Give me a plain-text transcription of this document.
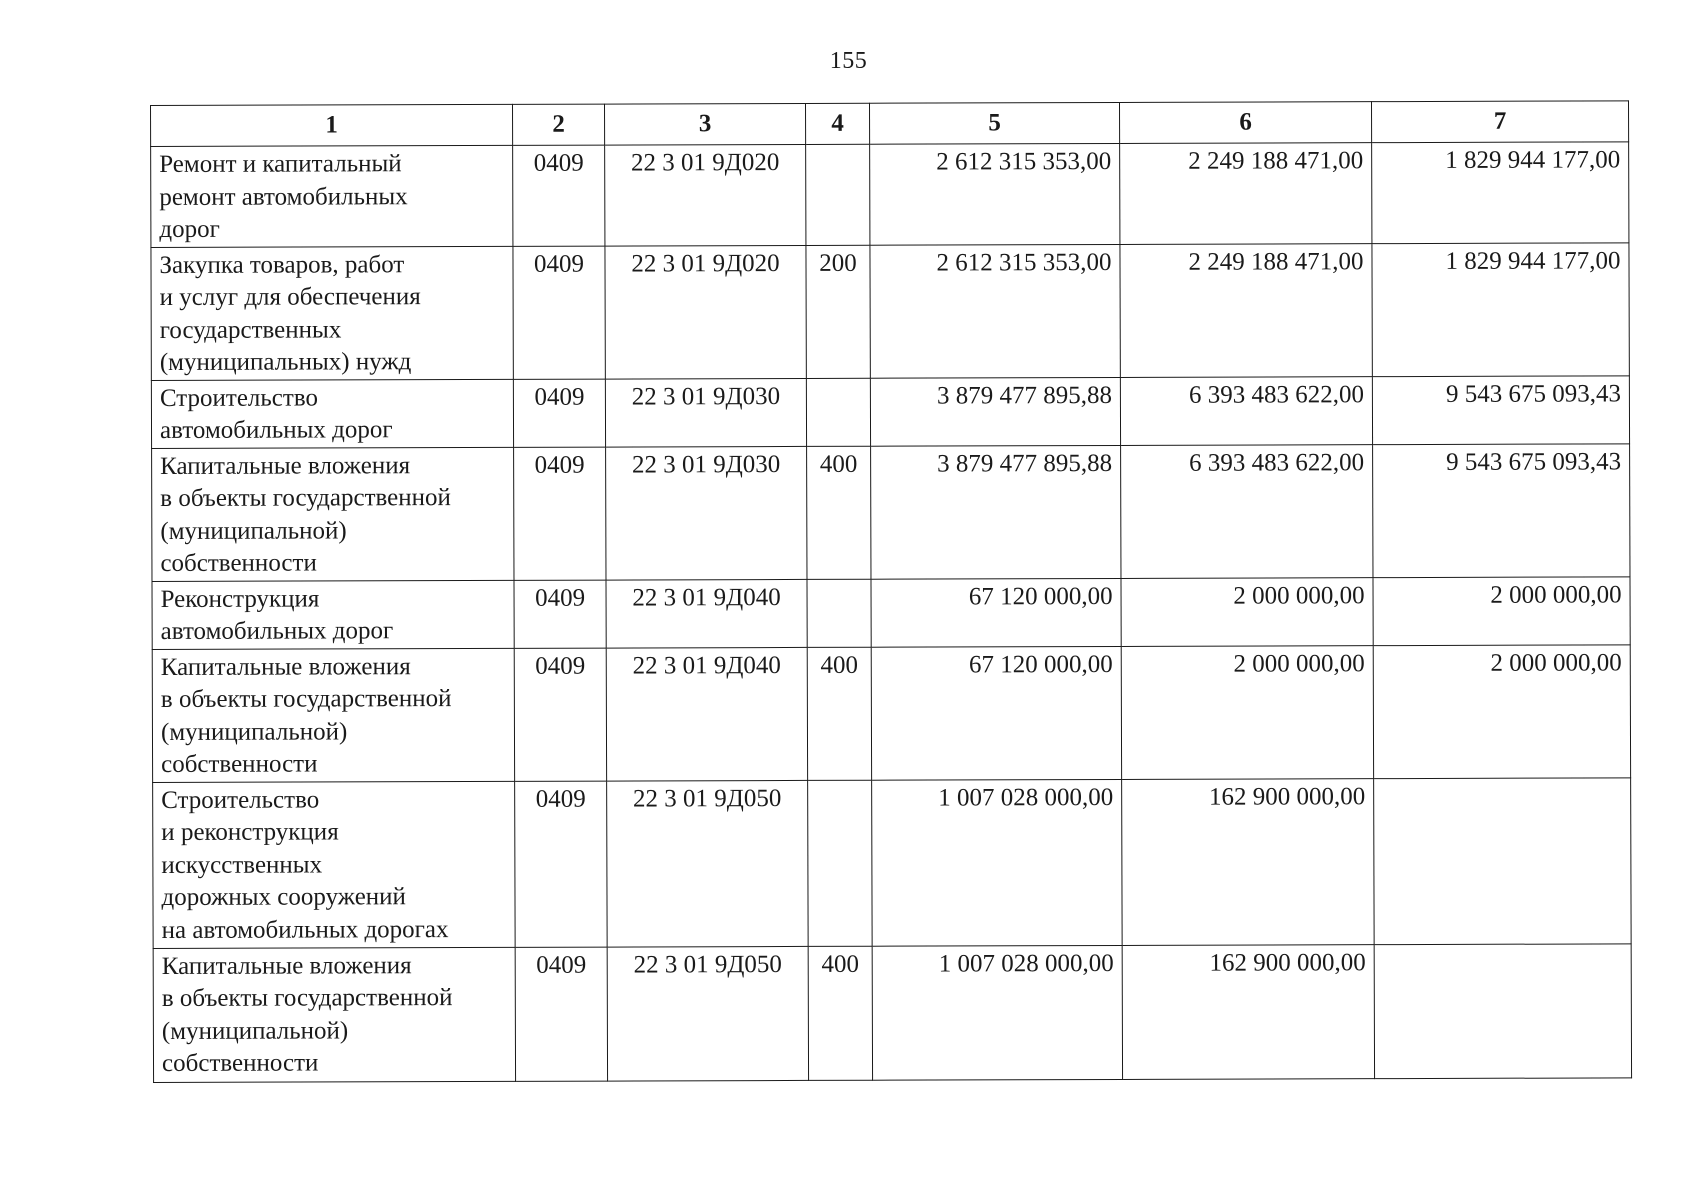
155
1	2	3	4	5	6	7
Ремонт и капитальный
ремонт автомобильных
дорог	0409	22 3 01 9Д020		2 612 315 353,00	2 249 188 471,00	1 829 944 177,00
Закупка товаров, работ
и услуг для обеспечения
государственных
(муниципальных) нужд	0409	22 3 01 9Д020	200	2 612 315 353,00	2 249 188 471,00	1 829 944 177,00
Строительство
автомобильных дорог	0409	22 3 01 9Д030		3 879 477 895,88	6 393 483 622,00	9 543 675 093,43
Капитальные вложения
в объекты государственной
(муниципальной)
собственности	0409	22 3 01 9Д030	400	3 879 477 895,88	6 393 483 622,00	9 543 675 093,43
Реконструкция
автомобильных дорог	0409	22 3 01 9Д040		67 120 000,00	2 000 000,00	2 000 000,00
Капитальные вложения
в объекты государственной
(муниципальной)
собственности	0409	22 3 01 9Д040	400	67 120 000,00	2 000 000,00	2 000 000,00
Строительство
и реконструкция
искусственных
дорожных сооружений
на автомобильных дорогах	0409	22 3 01 9Д050		1 007 028 000,00	162 900 000,00	
Капитальные вложения
в объекты государственной
(муниципальной)
собственности	0409	22 3 01 9Д050	400	1 007 028 000,00	162 900 000,00	
